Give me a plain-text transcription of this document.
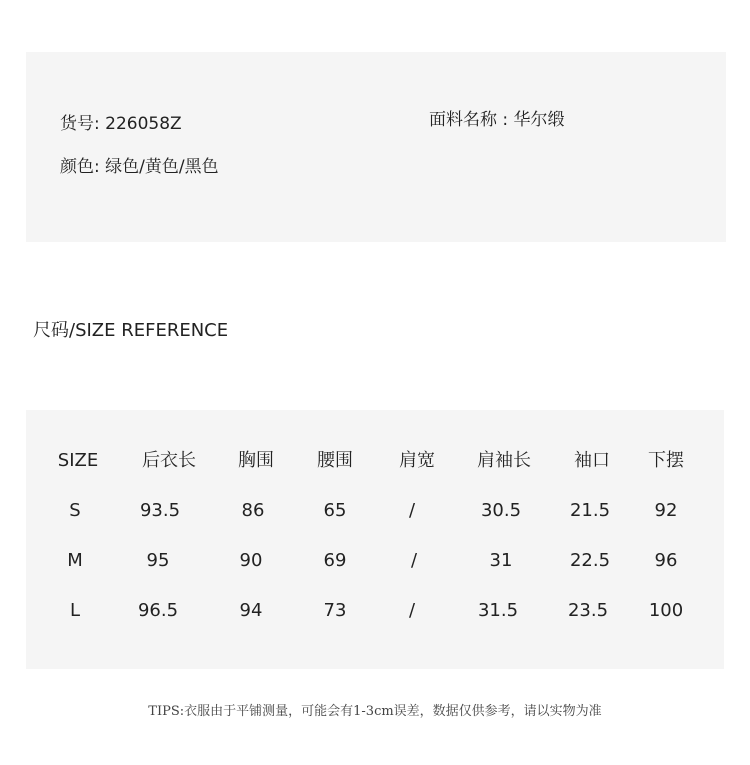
货号: 226058Z
颜色: 绿色/黄色/黑色
面料名称 : 华尔缎
尺码/SIZE REFERENCE
SIZE	后衣长	胸围	腰围	肩宽	肩袖长	袖口	下摆
S	93.5	86	65	/	30.5	21.5	92
M	95	90	69	/	31	22.5	96
L	96.5	94	73	/	31.5	23.5	100
TIPS:衣服由于平铺测量，可能会有1-3cm误差，数据仅供参考，请以实物为准
